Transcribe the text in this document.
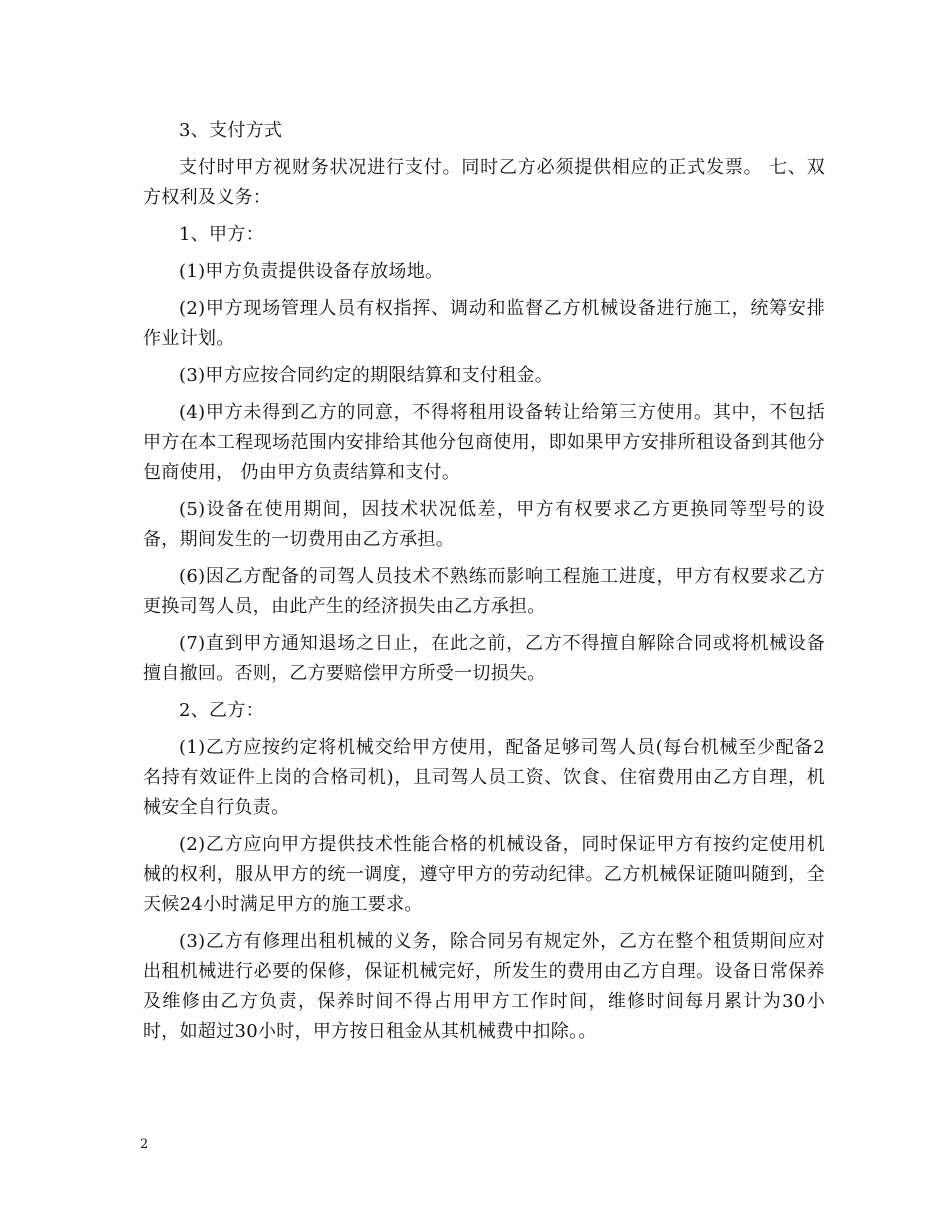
3、支付方式

支付时甲方视财务状况进行支付。同时乙方必须提供相应的正式发票。 七、双方权利及义务：

1、甲方：

(1)甲方负责提供设备存放场地。

(2)甲方现场管理人员有权指挥、调动和监督乙方机械设备进行施工，统筹安排作业计划。

(3)甲方应按合同约定的期限结算和支付租金。

(4)甲方未得到乙方的同意，不得将租用设备转让给第三方使用。其中，不包括甲方在本工程现场范围内安排给其他分包商使用，即如果甲方安排所租设备到其他分包商使用， 仍由甲方负责结算和支付。

(5)设备在使用期间，因技术状况低差，甲方有权要求乙方更换同等型号的设备，期间发生的一切费用由乙方承担。

(6)因乙方配备的司驾人员技术不熟练而影响工程施工进度，甲方有权要求乙方更换司驾人员，由此产生的经济损失由乙方承担。

(7)直到甲方通知退场之日止，在此之前，乙方不得擅自解除合同或将机械设备擅自撤回。否则，乙方要赔偿甲方所受一切损失。

2、乙方：

(1)乙方应按约定将机械交给甲方使用，配备足够司驾人员(每台机械至少配备2名持有效证件上岗的合格司机)，且司驾人员工资、饮食、住宿费用由乙方自理，机械安全自行负责。

(2)乙方应向甲方提供技术性能合格的机械设备，同时保证甲方有按约定使用机械的权利，服从甲方的统一调度，遵守甲方的劳动纪律。乙方机械保证随叫随到，全天候24小时满足甲方的施工要求。

(3)乙方有修理出租机械的义务，除合同另有规定外，乙方在整个租赁期间应对出租机械进行必要的保修，保证机械完好，所发生的费用由乙方自理。设备日常保养及维修由乙方负责，保养时间不得占用甲方工作时间，维修时间每月累计为30小时，如超过30小时，甲方按日租金从其机械费中扣除。。

2
